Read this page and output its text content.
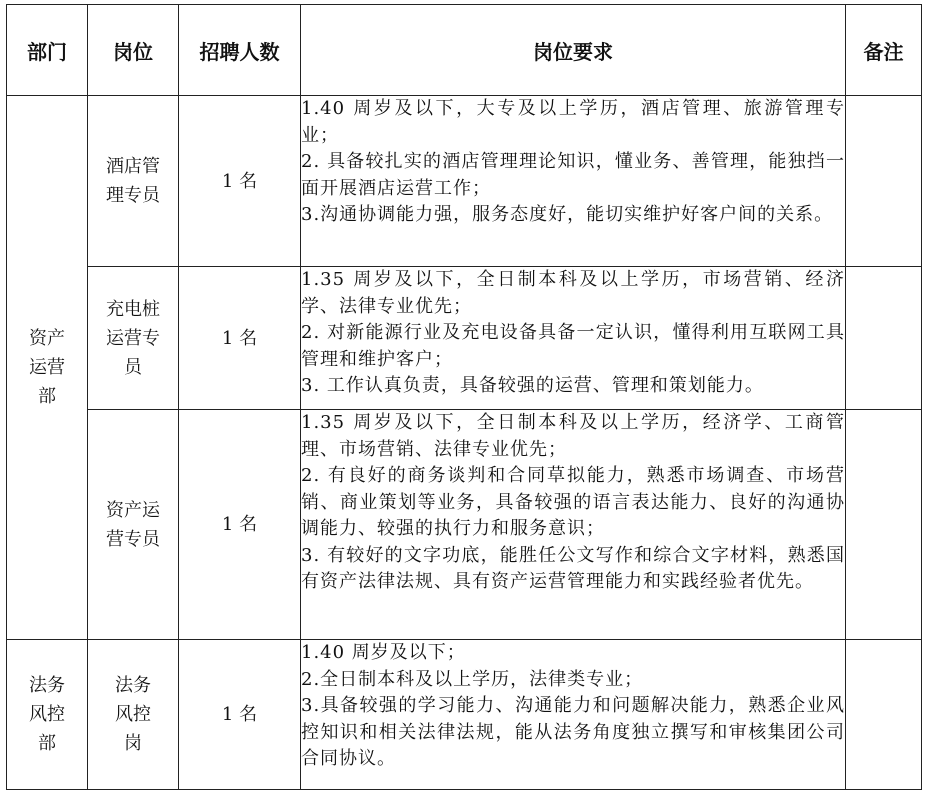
部门	岗位	招聘人数	岗位要求	备注
资产运营部	酒店管理专员	1 名	1.40 周岁及以下，大专及以上学历，酒店管理、旅游管理专业；

2. 具备较扎实的酒店管理理论知识，懂业务、善管理，能独挡一面开展酒店运营工作；

3.沟通协调能力强，服务态度好，能切实维护好客户间的关系。	

	充电桩运营专员	1 名	1.35 周岁及以下，全日制本科及以上学历，市场营销、经济学、法律专业优先；

2. 对新能源行业及充电设备具备一定认识，懂得利用互联网工具管理和维护客户；

3. 工作认真负责，具备较强的运营、管理和策划能力。	

	资产运营专员	1 名	1.35 周岁及以下，全日制本科及以上学历，经济学、工商管理、市场营销、法律专业优先；

2. 有良好的商务谈判和合同草拟能力，熟悉市场调查、市场营销、商业策划等业务，具备较强的语言表达能力、良好的沟通协调能力、较强的执行力和服务意识；

3. 有较好的文字功底，能胜任公文写作和综合文字材料，熟悉国有资产法律法规、具有资产运营管理能力和实践经验者优先。	

法务风控部	法务风控岗	1 名	1.40 周岁及以下；

2.全日制本科及以上学历，法律类专业；

3.具备较强的学习能力、沟通能力和问题解决能力，熟悉企业风控知识和相关法律法规，能从法务角度独立撰写和审核集团公司合同协议。	
